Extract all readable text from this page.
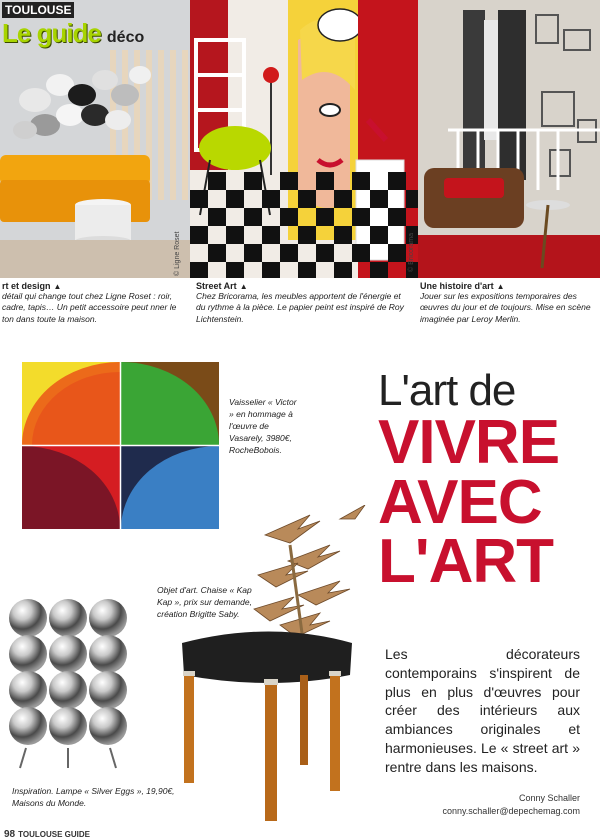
TOULOUSE
Le guide déco
© Ligne Roset	© Bricorama
rt et design ▲
détail qui change tout chez Ligne Roset : roir, cadre, tapis… Un petit accessoire peut nner le ton dans toute la maison.
Street Art ▲
Chez Bricorama, les meubles apportent de l'énergie et du rythme à la pièce. Le papier peint est inspiré de Roy Lichtenstein.
Une histoire d'art ▲
Jouer sur les expositions temporaires des œuvres du jour et de toujours. Mise en scène imaginée par Leroy Merlin.
Vaisselier « Victor » en hommage à l'œuvre de Vasarely, 3980€, RocheBobois.
L'art de
VIVRE
AVEC
L'ART

Les décorateurs contemporains s'inspirent de plus en plus d'œuvres pour créer des intérieurs aux ambiances originales et harmonieuses. Le « street art » rentre dans les maisons.

Conny Schaller
conny.schaller@depechemag.com
Objet d'art. Chaise « Kap Kap », prix sur demande, création Brigitte Saby.
Inspiration. Lampe « Silver Eggs », 19,90€, Maisons du Monde.
98 TOULOUSE GUIDE
